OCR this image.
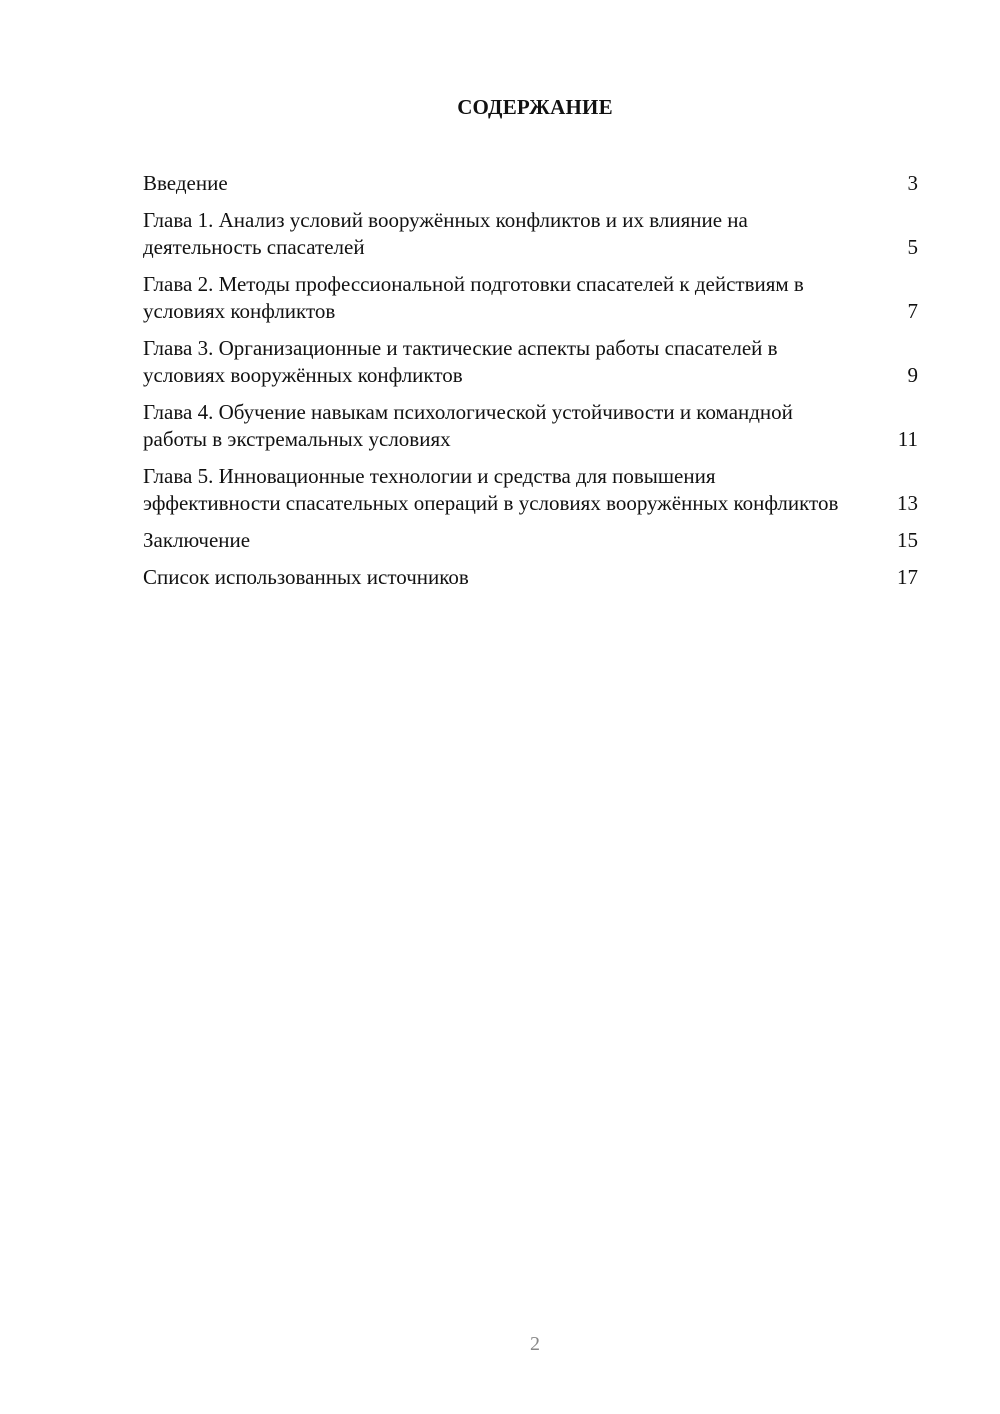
СОДЕРЖАНИЕ
Введение	3
Глава 1. Анализ условий вооружённых конфликтов и их влияние на деятельность спасателей	5
Глава 2. Методы профессиональной подготовки спасателей к действиям в условиях конфликтов	7
Глава 3. Организационные и тактические аспекты работы спасателей в условиях вооружённых конфликтов	9
Глава 4. Обучение навыкам психологической устойчивости и командной работы в экстремальных условиях	11
Глава 5. Инновационные технологии и средства для повышения эффективности спасательных операций в условиях вооружённых конфликтов	13
Заключение	15
Список использованных источников	17
2
